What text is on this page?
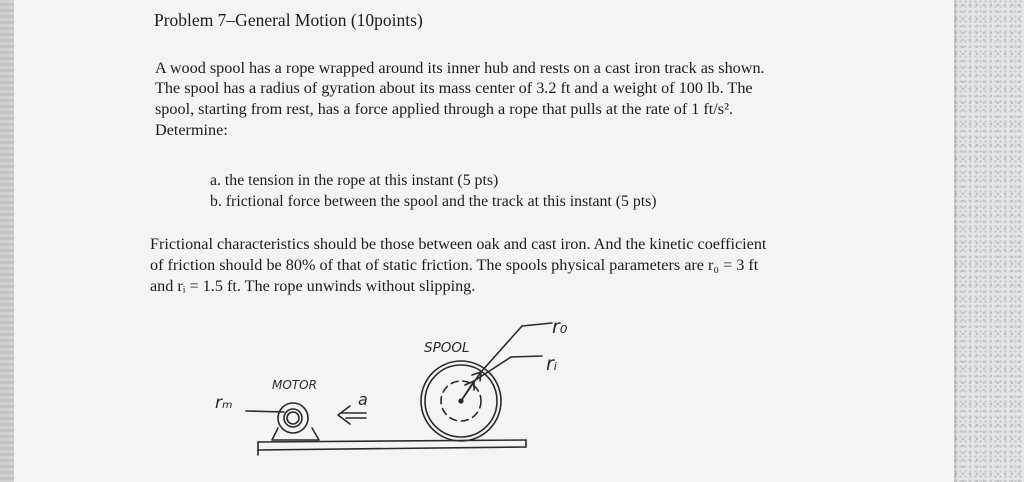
Problem 7–General Motion (10points)

A wood spool has a rope wrapped around its inner hub and rests on a cast iron track as shown.

The spool has a radius of gyration about its mass center of 3.2 ft and a weight of 100 lb. The

spool, starting from rest, has a force applied through a rope that pulls at the rate of 1 ft/s².

Determine:

a. the tension in the rope at this instant (5 pts)

b. frictional force between the spool and the track at this instant (5 pts)

Frictional characteristics should be those between oak and cast iron. And the kinetic coefficient

of friction should be 80% of that of static friction. The spools physical parameters are r₀ = 3 ft

and rᵢ = 1.5 ft. The rope unwinds without slipping.

SPOOL
MOTOR
r₀
rᵢ
rₘ	a
